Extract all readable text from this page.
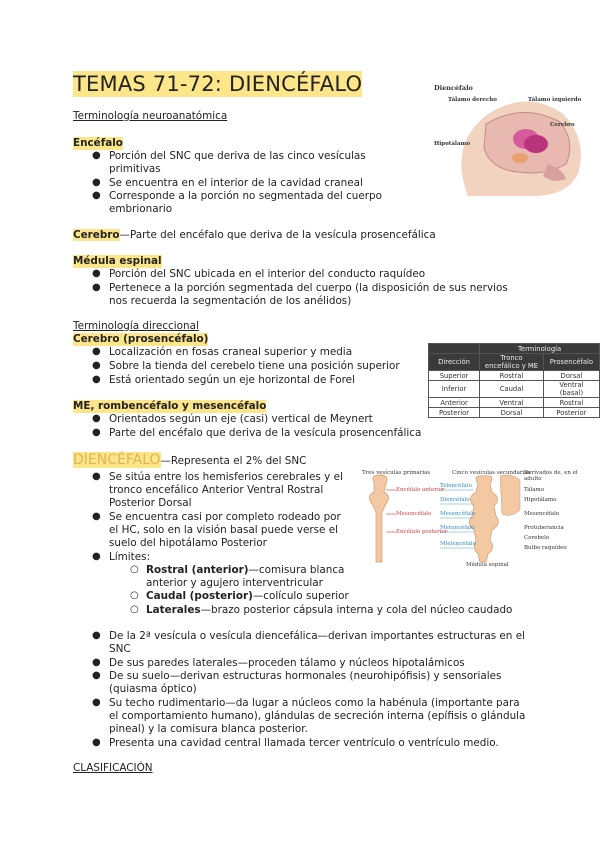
TEMAS 71-72: DIENCÉFALO	Diencéfalo
Tálamo derecho	Tálamo izquierdo
Cerebro
Hipotálamo
Terminología neuroanatómica
Encéfalo
● Porción del SNC que deriva de las cinco vesículas
primitivas
● Se encuentra en el interior de la cavidad craneal
● Corresponde a la porción no segmentada del cuerpo
embrionario
Cerebro—Parte del encéfalo que deriva de la vesícula prosencefálica
Médula espinal
● Porción del SNC ubicada en el interior del conducto raquídeo
● Pertenece a la porción segmentada del cuerpo (la disposición de sus nervios
nos recuerda la segmentación de los anélidos)
Terminología direccional
Cerebro (prosencéfalo)
● Localización en fosas craneal superior y media
● Sobre la tienda del cerebelo tiene una posición superior
● Está orientado según un eje horizontal de Forel
	Terminología	
Dirección	Tronco encefálico y ME	Prosencéfalo
Superior	Rostral	Dorsal
Inferior	Caudal	Ventral (basal)
Anterior	Ventral	Rostral
Posterior	Dorsal	Posterior
ME, rombencéfalo y mesencéfalo
● Orientados según un eje (casi) vertical de Meynert
● Parte del encéfalo que deriva de la vesícula prosencenfálica
DIENCÉFALO—Representa el 2% del SNC
● Se sitúa entre los hemisferios cerebrales y el
tronco encefálico Anterior Ventral Rostral
Posterior Dorsal
● Se encuentra casi por completo rodeado por
el HC, solo en la visión basal puede verse el
suelo del hipotálamo Posterior
● Límites:
○ Rostral (anterior)—comisura blanca
anterior y agujero interventricular
○ Caudal (posterior)—colículo superior
○ Laterales—brazo posterior cápsula interna y cola del núcleo caudado
Tres vesículas primarias	Cinco vesículas secundarias
Derivados de, en el adulto
Encéfalo anterior
Mesencéfalo
Encéfalo posterior
Telencéfalo
Diencéfalo
Mesencéfalo
Metencéfalo
Mielencéfalo
Tálamo
Hipotálamo
Mesencéfalo
Protuberancia
Cerebelo
Bulbo raquídeo
Médula espinal
● De la 2ª vesícula o vesícula diencefálica—derivan importantes estructuras en el
SNC
● De sus paredes laterales—proceden tálamo y núcleos hipotalámicos
● De su suelo—derivan estructuras hormonales (neurohipófisis) y sensoriales
(quiasma óptico)
● Su techo rudimentario—da lugar a núcleos como la habénula (importante para
el comportamiento humano), glándulas de secreción interna (epífisis o glándula
pineal) y la comisura blanca posterior.
● Presenta una cavidad central llamada tercer ventrículo o ventrículo medio.
CLASIFICACIÓN
